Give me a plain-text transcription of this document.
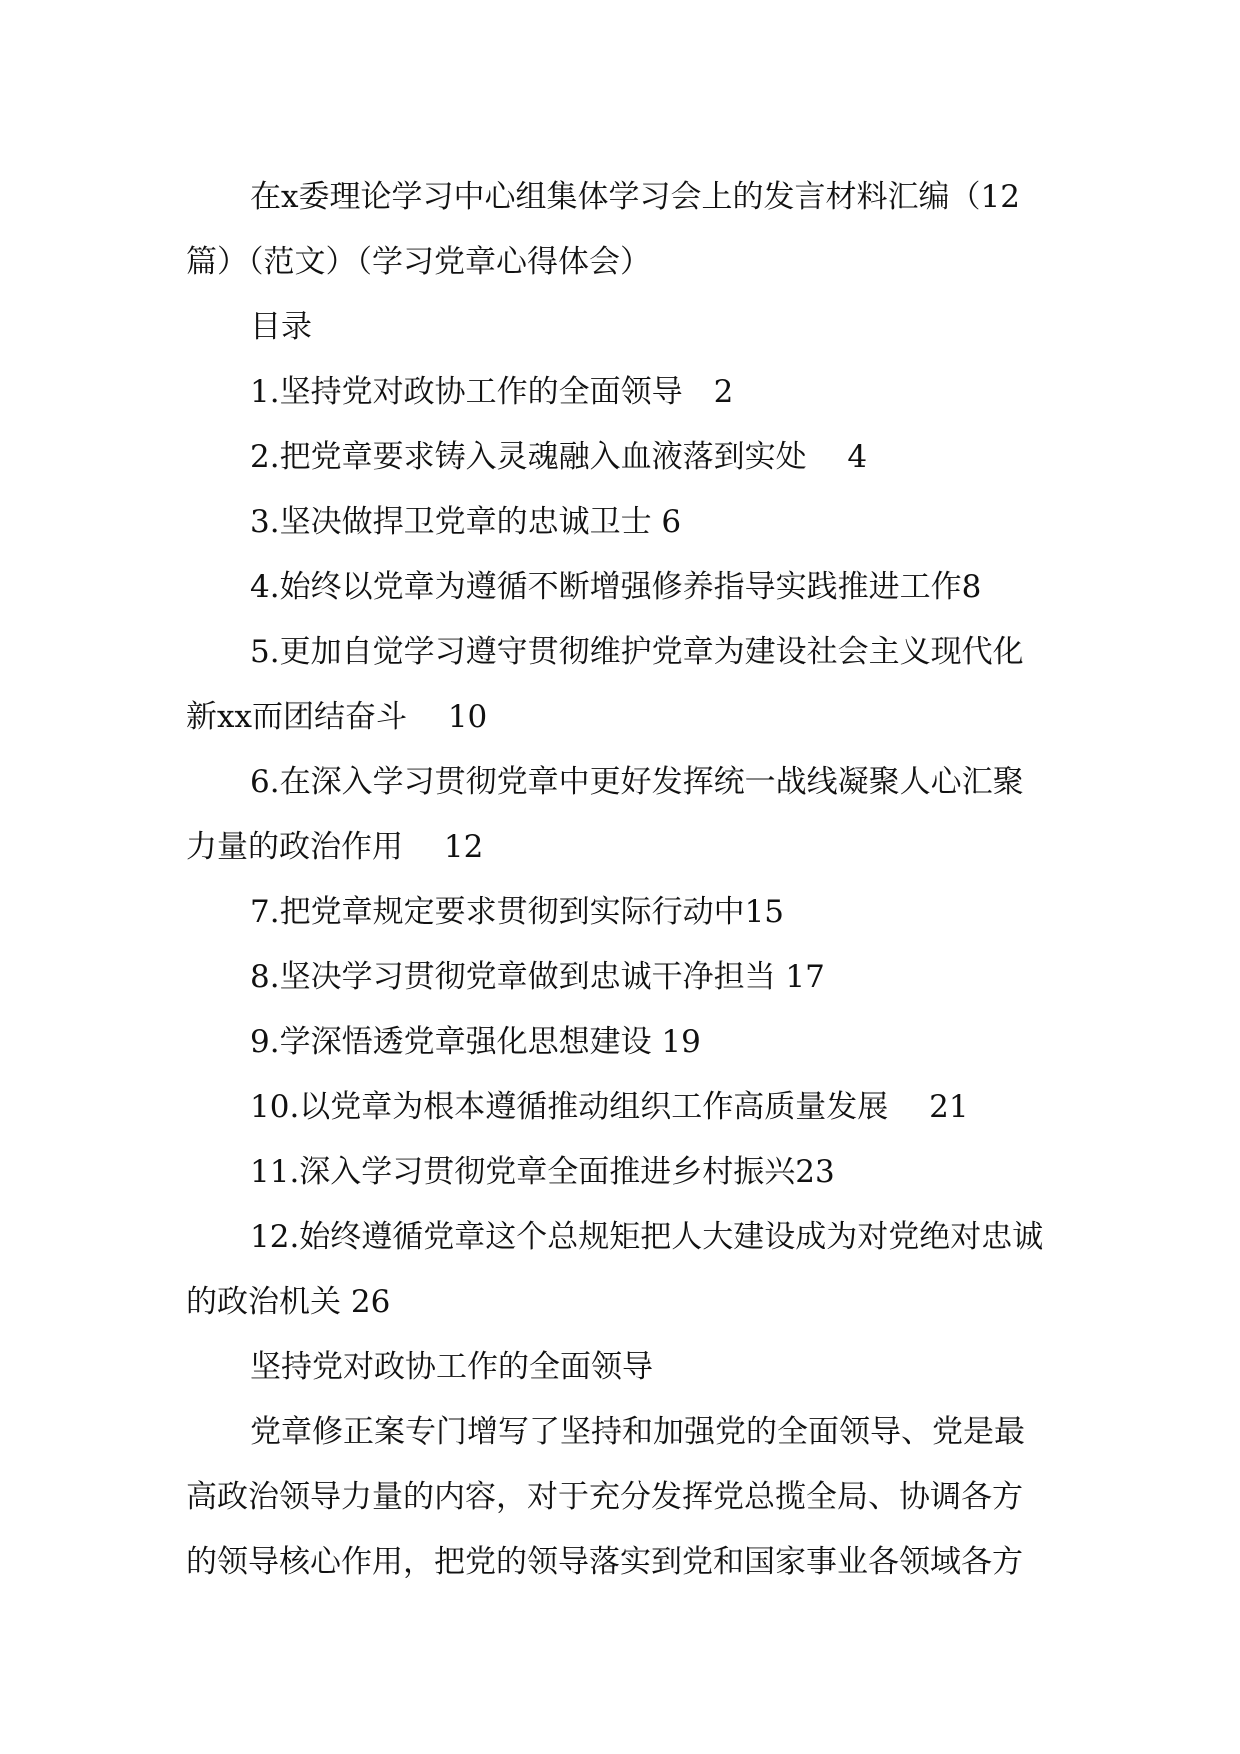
在x委理论学习中心组集体学习会上的发言材料汇编（12
篇）（范文）（学习党章心得体会）
目录
1.坚持党对政协工作的全面领导　2
2.把党章要求铸入灵魂融入血液落到实处　 4
3.坚决做捍卫党章的忠诚卫士 6
4.始终以党章为遵循不断增强修养指导实践推进工作8
5.更加自觉学习遵守贯彻维护党章为建设社会主义现代化
新xx而团结奋斗　 10
6.在深入学习贯彻党章中更好发挥统一战线凝聚人心汇聚
力量的政治作用　 12
7.把党章规定要求贯彻到实际行动中15
8.坚决学习贯彻党章做到忠诚干净担当 17
9.学深悟透党章强化思想建设 19
10.以党章为根本遵循推动组织工作高质量发展　 21
11.深入学习贯彻党章全面推进乡村振兴23
12.始终遵循党章这个总规矩把人大建设成为对党绝对忠诚
的政治机关 26
坚持党对政协工作的全面领导
党章修正案专门增写了坚持和加强党的全面领导、党是最
高政治领导力量的内容，对于充分发挥党总揽全局、协调各方
的领导核心作用，把党的领导落实到党和国家事业各领域各方
